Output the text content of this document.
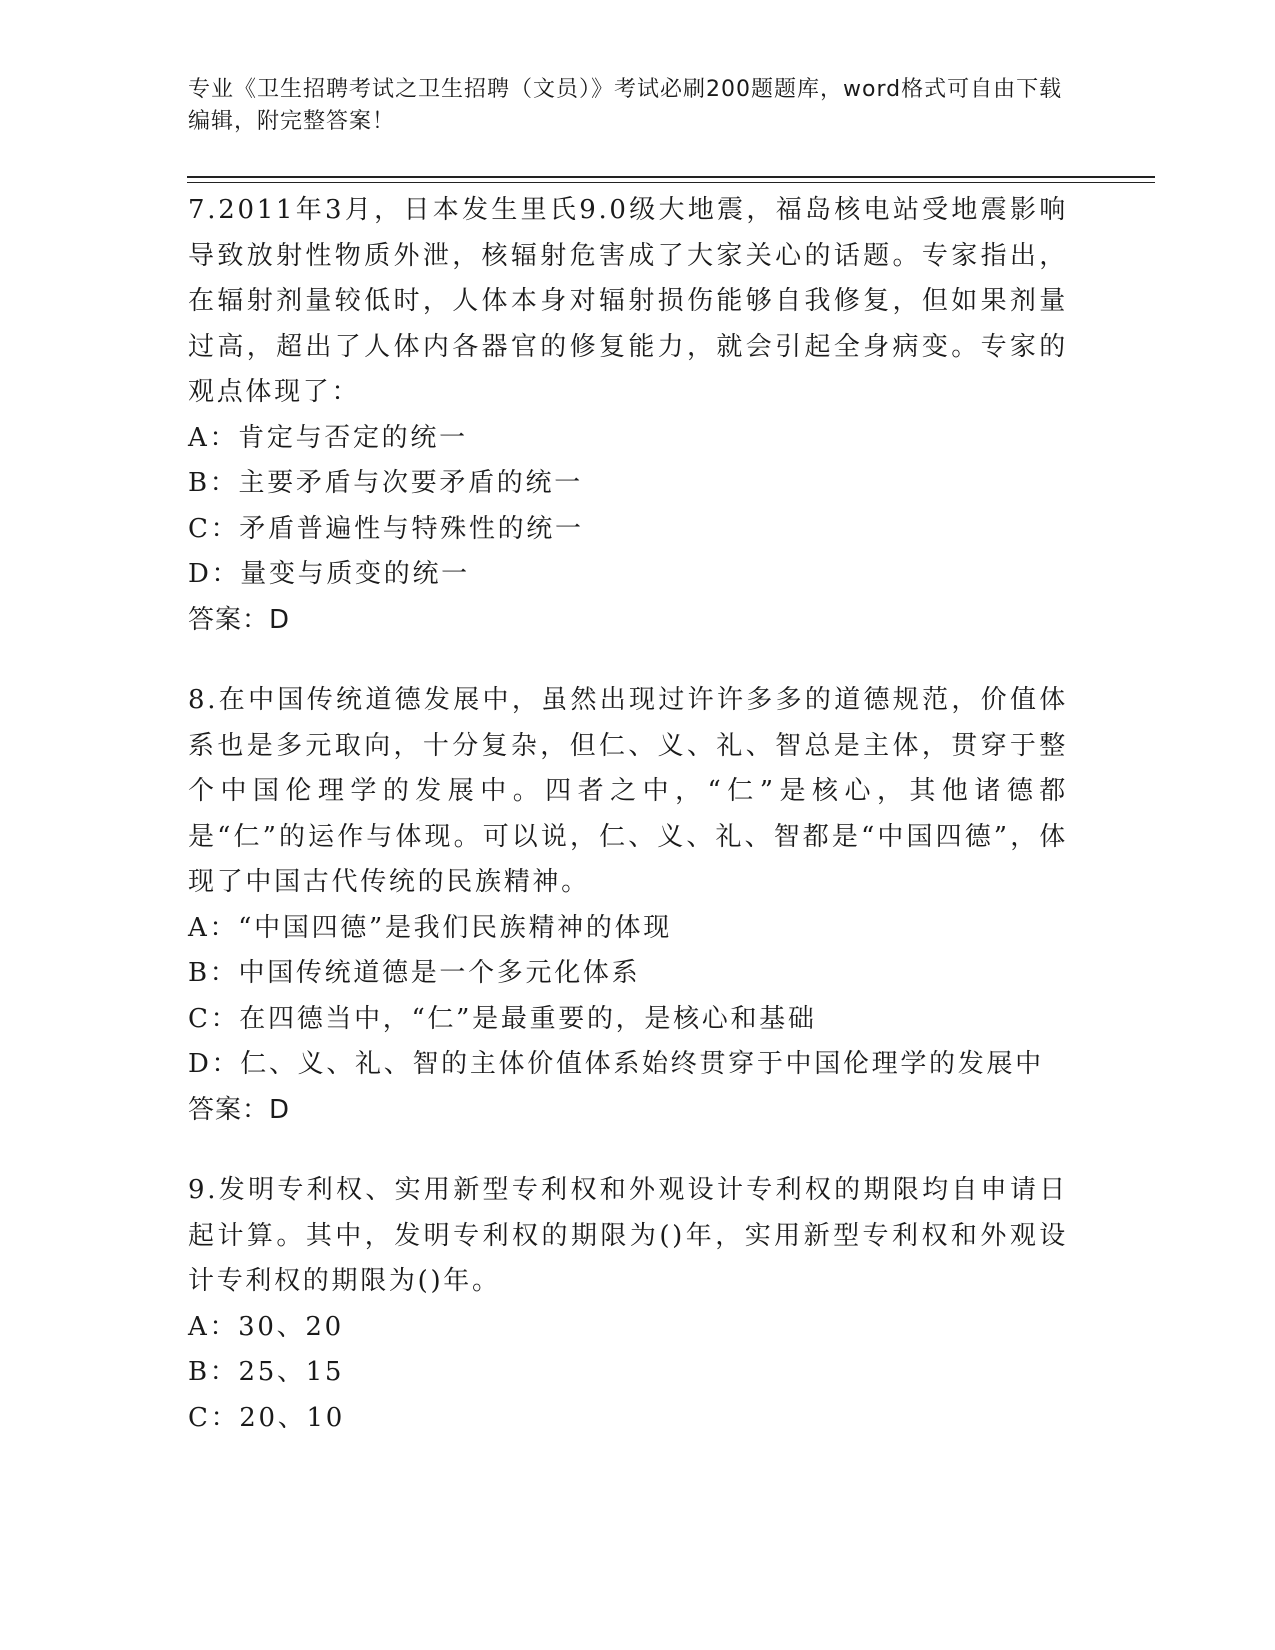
专业《卫生招聘考试之卫生招聘（文员）》考试必刷200题题库，word格式可自由下载编辑，附完整答案！

7.2011年3月，日本发生里氏9.0级大地震，福岛核电站受地震影响导致放射性物质外泄，核辐射危害成了大家关心的话题。专家指出，在辐射剂量较低时，人体本身对辐射损伤能够自我修复，但如果剂量过高，超出了人体内各器官的修复能力，就会引起全身病变。专家的观点体现了：

A：肯定与否定的统一

B：主要矛盾与次要矛盾的统一

C：矛盾普遍性与特殊性的统一

D：量变与质变的统一

答案：D

8.在中国传统道德发展中，虽然出现过许许多多的道德规范，价值体系也是多元取向，十分复杂，但仁、义、礼、智总是主体，贯穿于整个中国伦理学的发展中。四者之中，“仁”是核心，其他诸德都是“仁”的运作与体现。可以说，仁、义、礼、智都是“中国四德”，体现了中国古代传统的民族精神。

A：“中国四德”是我们民族精神的体现

B：中国传统道德是一个多元化体系

C：在四德当中，“仁”是最重要的，是核心和基础

D：仁、义、礼、智的主体价值体系始终贯穿于中国伦理学的发展中

答案：D

9.发明专利权、实用新型专利权和外观设计专利权的期限均自申请日起计算。其中，发明专利权的期限为()年，实用新型专利权和外观设计专利权的期限为()年。

A：30、20

B：25、15

C：20、10
